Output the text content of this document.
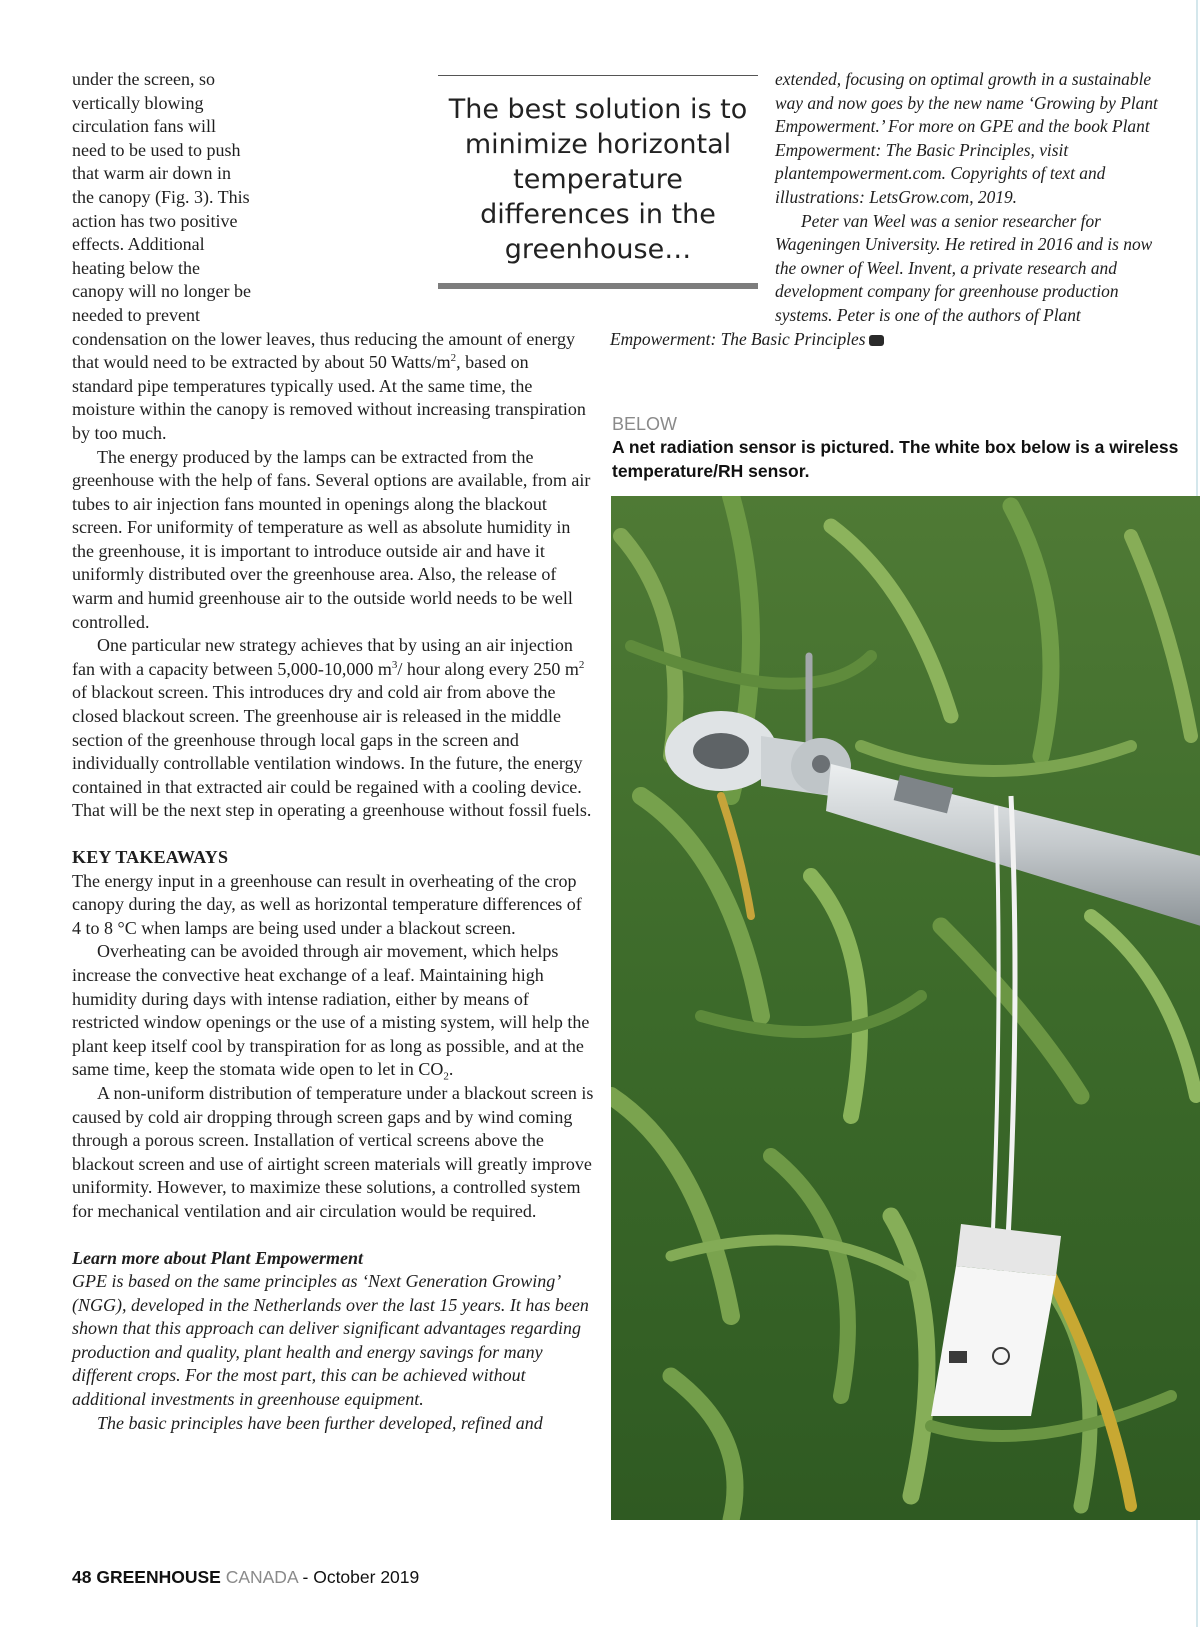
under the screen, so vertically blowing circulation fans will need to be used to push that warm air down in the canopy (Fig. 3). This action has two positive effects. Additional heating below the canopy will no longer be needed to prevent condensation on the lower leaves, thus reducing the amount of energy that would need to be extracted by about 50 Watts/$m^2$, based on standard pipe temperatures typically used. At the same time, the moisture within the canopy is removed without increasing transpiration by too much.

The energy produced by the lamps can be extracted from the greenhouse with the help of fans. Several options are available, from air tubes to air injection fans mounted in openings along the blackout screen. For uniformity of temperature as well as absolute humidity in the greenhouse, it is important to introduce outside air and have it uniformly distributed over the greenhouse area. Also, the release of warm and humid greenhouse air to the outside world needs to be well controlled.

One particular new strategy achieves that by using an air injection fan with a capacity between 5,000-10,000 $m^3/$ hour along every 250 $m^2$ of blackout screen. This introduces dry and cold air from above the closed blackout screen. The greenhouse air is released in the middle section of the greenhouse through local gaps in the screen and individually controllable ventilation windows. In the future, the energy contained in that extracted air could be regained with a cooling device. That will be the next step in operating a greenhouse without fossil fuels.

KEY TAKEAWAYS

The energy input in a greenhouse can result in overheating of the crop canopy during the day, as well as horizontal temperature differences of 4 to 8 °C when lamps are being used under a blackout screen.

Overheating can be avoided through air movement, which helps increase the convective heat exchange of a leaf. Maintaining high humidity during days with intense radiation, either by means of restricted window openings or the use of a misting system, will help the plant keep itself cool by transpiration for as long as possible, and at the same time, keep the stomata wide open to let in $CO_2$.

A non-uniform distribution of temperature under a blackout screen is caused by cold air dropping through screen gaps and by wind coming through a porous screen. Installation of vertical screens above the blackout screen and use of airtight screen materials will greatly improve uniformity. However, to maximize these solutions, a controlled system for mechanical ventilation and air circulation would be required.

Learn more about Plant Empowerment

GPE is based on the same principles as ‘Next Generation Growing’ (NGG), developed in the Netherlands over the last 15 years. It has been shown that this approach can deliver significant advantages regarding production and quality, plant health and energy savings for many different crops. For the most part, this can be achieved without additional investments in greenhouse equipment.

The basic principles have been further developed, refined and

The best solution is to minimize horizontal temperature differences in the greenhouse…

extended, focusing on optimal growth in a sustainable way and now goes by the new name ‘Growing by Plant Empowerment.’ For more on GPE and the book Plant Empowerment: The Basic Principles, visit plantempowerment.com. Copyrights of text and illustrations: LetsGrow.com, 2019.

Peter van Weel was a senior researcher for Wageningen University. He retired in 2016 and is now the owner of Weel. Invent, a private research and development company for greenhouse production systems. Peter is one of the authors of Plant Empowerment: The Basic Principles	GC

BELOW
A net radiation sensor is pictured. The white box below is a wireless temperature/RH sensor.
48 GREENHOUSE CANADA - October 2019
